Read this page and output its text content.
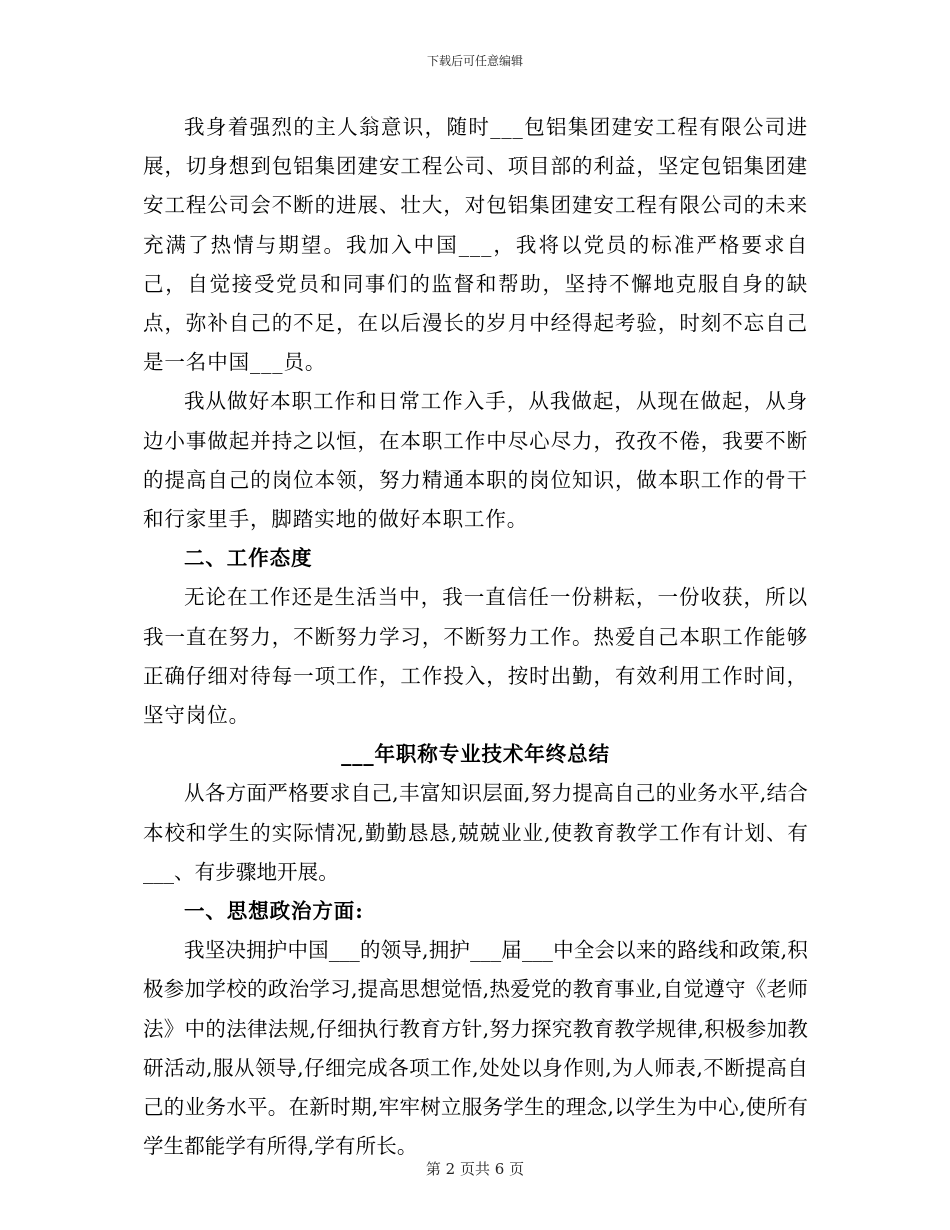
下载后可任意编辑

我身着强烈的主人翁意识，随时___包铝集团建安工程有限公司进展，切身想到包铝集团建安工程公司、项目部的利益，坚定包铝集团建安工程公司会不断的进展、壮大，对包铝集团建安工程有限公司的未来充满了热情与期望。我加入中国___，我将以党员的标准严格要求自己，自觉接受党员和同事们的监督和帮助，坚持不懈地克服自身的缺点，弥补自己的不足，在以后漫长的岁月中经得起考验，时刻不忘自己是一名中国___员。

我从做好本职工作和日常工作入手，从我做起，从现在做起，从身边小事做起并持之以恒，在本职工作中尽心尽力，孜孜不倦，我要不断的提高自己的岗位本领，努力精通本职的岗位知识，做本职工作的骨干和行家里手，脚踏实地的做好本职工作。

二、工作态度

无论在工作还是生活当中，我一直信任一份耕耘，一份收获，所以我一直在努力，不断努力学习，不断努力工作。热爱自己本职工作能够正确仔细对待每一项工作，工作投入，按时出勤，有效利用工作时间，坚守岗位。

___年职称专业技术年终总结

从各方面严格要求自己,丰富知识层面,努力提高自己的业务水平,结合本校和学生的实际情况,勤勤恳恳,兢兢业业,使教育教学工作有计划、有___、有步骤地开展。

一、思想政治方面:

我坚决拥护中国___的领导,拥护___届___中全会以来的路线和政策,积极参加学校的政治学习,提高思想觉悟,热爱党的教育事业,自觉遵守《老师法》中的法律法规,仔细执行教育方针,努力探究教育教学规律,积极参加教研活动,服从领导,仔细完成各项工作,处处以身作则,为人师表,不断提高自己的业务水平。在新时期,牢牢树立服务学生的理念,以学生为中心,使所有学生都能学有所得,学有所长。

第 2 页共 6 页
